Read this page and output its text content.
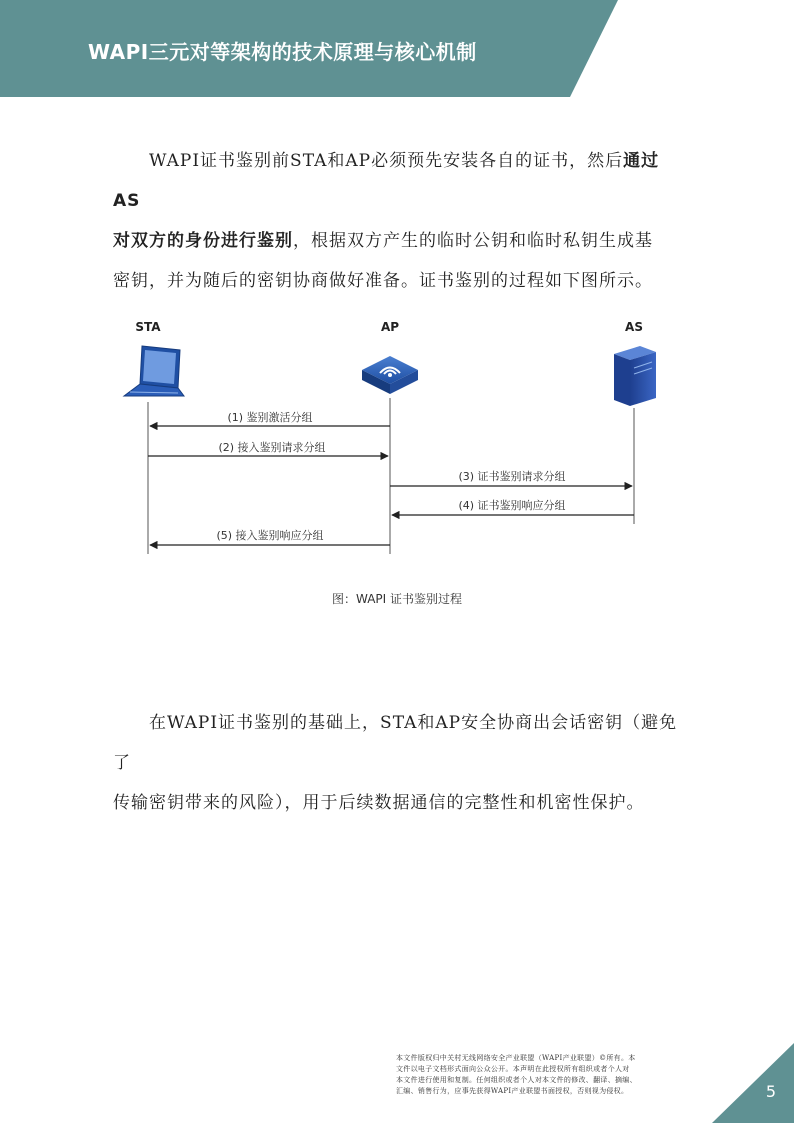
WAPI三元对等架构的技术原理与核心机制
WAPI证书鉴别前STA和AP必须预先安装各自的证书，然后通过AS
对双方的身份进行鉴别，根据双方产生的临时公钥和临时私钥生成基
密钥，并为随后的密钥协商做好准备。证书鉴别的过程如下图所示。
STA	AP	AS
(1) 鉴别激活分组
(2) 接入鉴别请求分组
(3) 证书鉴别请求分组
(4) 证书鉴别响应分组
(5) 接入鉴别响应分组
图：WAPI 证书鉴别过程
在WAPI证书鉴别的基础上，STA和AP安全协商出会话密钥（避免了
传输密钥带来的风险），用于后续数据通信的完整性和机密性保护。
本文件版权归中关村无线网络安全产业联盟（WAPI产业联盟）©所有。本
文件以电子文档形式面向公众公开。本声明在此授权所有组织或者个人对
本文件进行使用和复制。任何组织或者个人对本文件的修改、翻译、摘编、
汇编、销售行为，应事先获得WAPI产业联盟书面授权，否则视为侵权。	5
